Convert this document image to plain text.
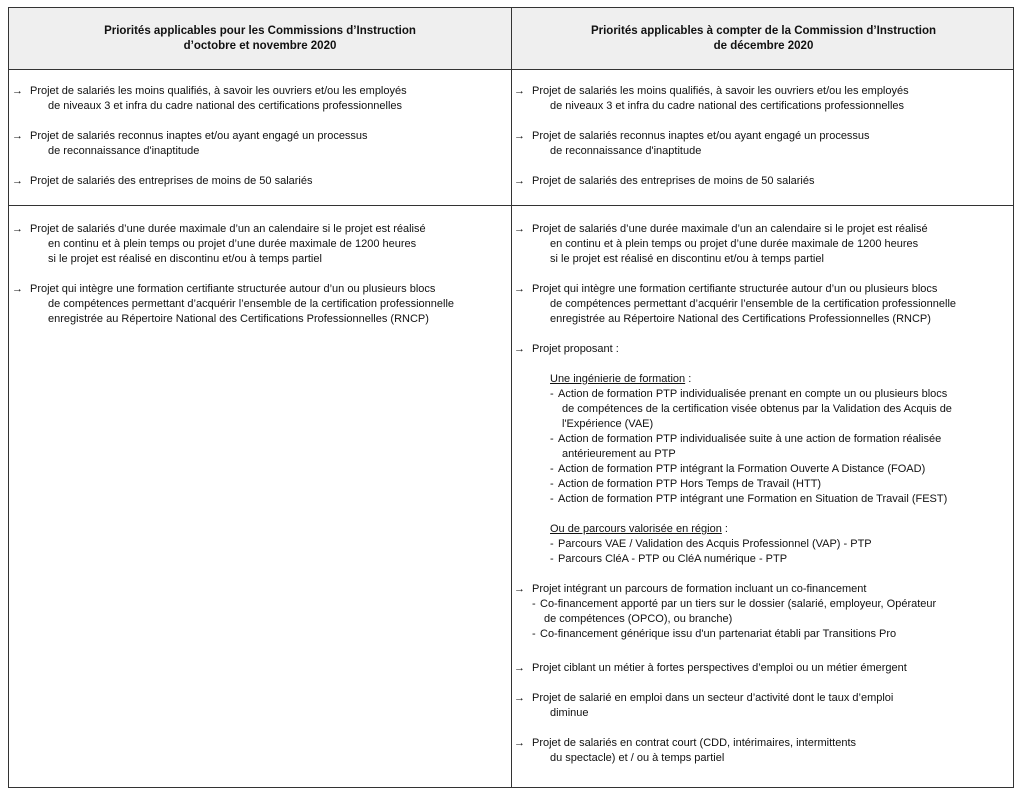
Priorités applicables pour les Commissions d’Instruction
d’octobre et novembre 2020
Priorités applicables à compter de la Commission d’Instruction
de décembre 2020
→ Projet de salariés les moins qualifiés, à savoir les ouvriers et/ou les employés
de niveaux 3 et infra du cadre national des certifications professionnelles
→ Projet de salariés reconnus inaptes et/ou ayant engagé un processus
de reconnaissance d'inaptitude
→ Projet de salariés des entreprises de moins de 50 salariés
→ Projet de salariés les moins qualifiés, à savoir les ouvriers et/ou les employés
de niveaux 3 et infra du cadre national des certifications professionnelles
→ Projet de salariés reconnus inaptes et/ou ayant engagé un processus
de reconnaissance d'inaptitude
→ Projet de salariés des entreprises de moins de 50 salariés
→ Projet de salariés d’une durée maximale d’un an calendaire si le projet est réalisé
en continu et à plein temps ou projet d’une durée maximale de 1200 heures
si le projet est réalisé en discontinu et/ou à temps partiel
→ Projet qui intègre une formation certifiante structurée autour d’un ou plusieurs blocs
de compétences permettant d’acquérir l’ensemble de la certification professionnelle
enregistrée au Répertoire National des Certifications Professionnelles (RNCP)
→ Projet de salariés d’une durée maximale d’un an calendaire si le projet est réalisé
en continu et à plein temps ou projet d’une durée maximale de 1200 heures
si le projet est réalisé en discontinu et/ou à temps partiel
→ Projet qui intègre une formation certifiante structurée autour d’un ou plusieurs blocs
de compétences permettant d’acquérir l’ensemble de la certification professionnelle
enregistrée au Répertoire National des Certifications Professionnelles (RNCP)
→ Projet proposant :
Une ingénierie de formation :
- Action de formation PTP individualisée prenant en compte un ou plusieurs blocs
de compétences de la certification visée obtenus par la Validation des Acquis de
l'Expérience (VAE)
- Action de formation PTP individualisée suite à une action de formation réalisée
antérieurement au PTP
- Action de formation PTP intégrant la Formation Ouverte A Distance (FOAD)
- Action de formation PTP Hors Temps de Travail (HTT)
- Action de formation PTP intégrant une Formation en Situation de Travail (FEST)
Ou de parcours valorisée en région :
- Parcours VAE / Validation des Acquis Professionnel (VAP) - PTP
- Parcours CléA - PTP ou CléA numérique - PTP
→ Projet intégrant un parcours de formation incluant un co-financement
- Co-financement apporté par un tiers sur le dossier (salarié, employeur, Opérateur
de compétences (OPCO), ou branche)
- Co-financement générique issu d'un partenariat établi par Transitions Pro
→ Projet ciblant un métier à fortes perspectives d’emploi ou un métier émergent
→ Projet de salarié en emploi dans un secteur d’activité dont le taux d’emploi
diminue
→ Projet de salariés en contrat court (CDD, intérimaires, intermittents
du spectacle) et / ou à temps partiel
